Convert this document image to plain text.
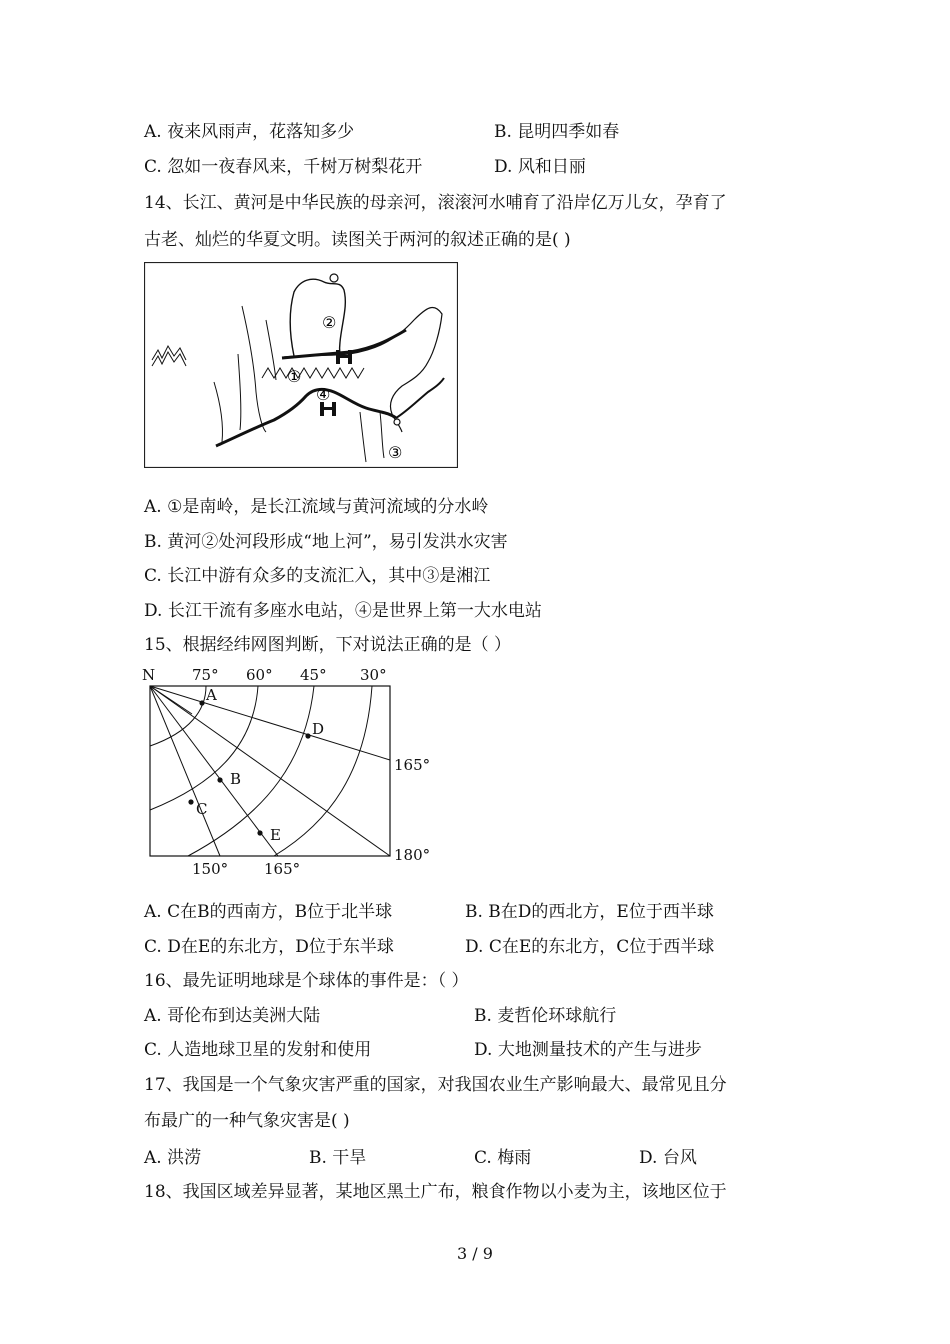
A. 夜来风雨声，花落知多少	B. 昆明四季如春
C. 忽如一夜春风来，千树万树梨花开	D. 风和日丽
14、长江、黄河是中华民族的母亲河，滚滚河水哺育了沿岸亿万儿女，孕育了
古老、灿烂的华夏文明。读图关于两河的叙述正确的是( )
②
①
④
③
A. ①是南岭，是长江流域与黄河流域的分水岭
B. 黄河②处河段形成“地上河”，易引发洪水灾害
C. 长江中游有众多的支流汇入，其中③是湘江
D. 长江干流有多座水电站，④是世界上第一大水电站
15、根据经纬网图判断，下对说法正确的是（ ）
N 75° 60° 45° 30°
165°
180°
150° 165°
A
B
C
D
E
A. C在B的西南方，B位于北半球	B. B在D的西北方，E位于西半球
C. D在E的东北方，D位于东半球	D. C在E的东北方，C位于西半球
16、最先证明地球是个球体的事件是：（ ）
A. 哥伦布到达美洲大陆	B. 麦哲伦环球航行
C. 人造地球卫星的发射和使用	D. 大地测量技术的产生与进步
17、我国是一个气象灾害严重的国家，对我国农业生产影响最大、最常见且分
布最广的一种气象灾害是( )
A. 洪涝	B. 干旱	C. 梅雨	D. 台风
18、我国区域差异显著，某地区黑土广布，粮食作物以小麦为主，该地区位于
3 / 9
